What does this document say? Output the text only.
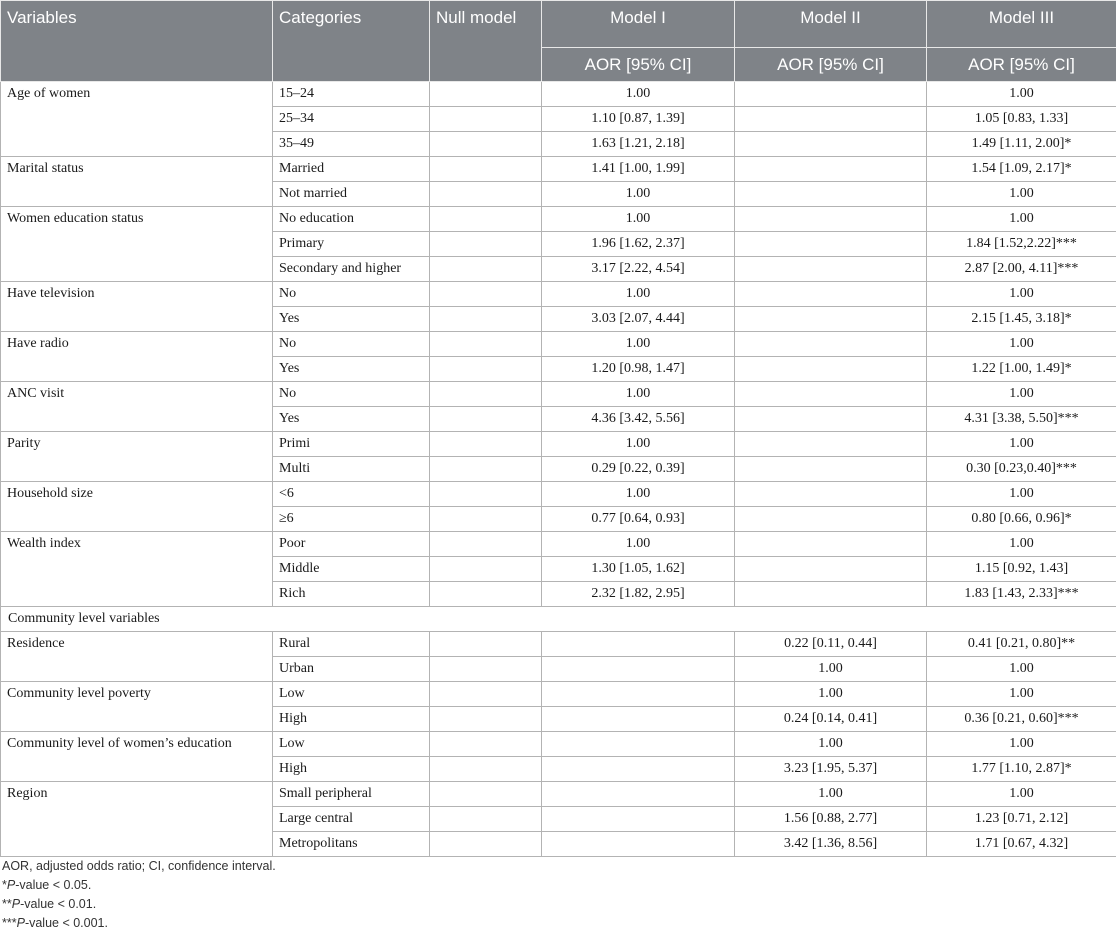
Variables	Categories	Null model	Model I	Model II	Model III
			AOR [95% CI]	AOR [95% CI]	AOR [95% CI]
Age of women	15–24		1.00		1.00
	25–34		1.10 [0.87, 1.39]		1.05 [0.83, 1.33]
	35–49		1.63 [1.21, 2.18]		1.49 [1.11, 2.00]*
Marital status	Married		1.41 [1.00, 1.99]		1.54 [1.09, 2.17]*
	Not married		1.00		1.00
Women education status	No education		1.00		1.00
	Primary		1.96 [1.62, 2.37]		1.84 [1.52,2.22]***
	Secondary and higher		3.17 [2.22, 4.54]		2.87 [2.00, 4.11]***
Have television	No		1.00		1.00
	Yes		3.03 [2.07, 4.44]		2.15 [1.45, 3.18]*
Have radio	No		1.00		1.00
	Yes		1.20 [0.98, 1.47]		1.22 [1.00, 1.49]*
ANC visit	No		1.00		1.00
	Yes		4.36 [3.42, 5.56]		4.31 [3.38, 5.50]***
Parity	Primi		1.00		1.00
	Multi		0.29 [0.22, 0.39]		0.30 [0.23,0.40]***
Household size	<6		1.00		1.00
	≥6		0.77 [0.64, 0.93]		0.80 [0.66, 0.96]*
Wealth index	Poor		1.00		1.00
	Middle		1.30 [1.05, 1.62]		1.15 [0.92, 1.43]
	Rich		2.32 [1.82, 2.95]		1.83 [1.43, 2.33]***
Community level variables					
Residence	Rural			0.22 [0.11, 0.44]	0.41 [0.21, 0.80]**
	Urban			1.00	1.00
Community level poverty	Low			1.00	1.00
	High			0.24 [0.14, 0.41]	0.36 [0.21, 0.60]***
Community level of women’s education	Low			1.00	1.00
	High			3.23 [1.95, 5.37]	1.77 [1.10, 2.87]*
Region	Small peripheral			1.00	1.00
	Large central			1.56 [0.88, 2.77]	1.23 [0.71, 2.12]
	Metropolitans			3.42 [1.36, 8.56]	1.71 [0.67, 4.32]
AOR, adjusted odds ratio; CI, confidence interval.
*P-value < 0.05.
**P-value < 0.01.
***P-value < 0.001.
